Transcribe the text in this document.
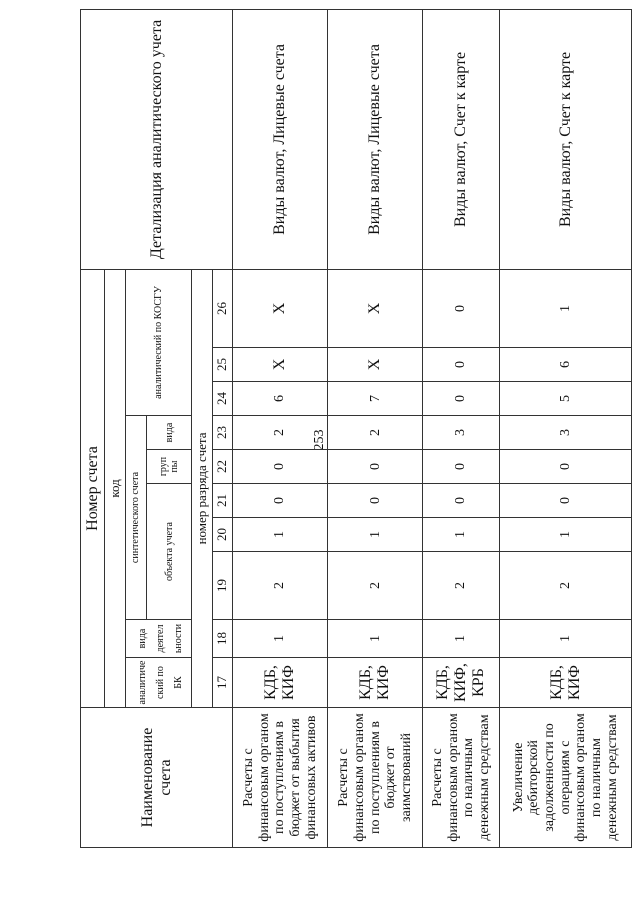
253
Наименование счета	Номер счета										Детализация аналитического учета
	код										
	аналитиче ский по БК	вида деятел ьности	синтетического счета					аналитический по КОСГУ			
			объекта учета			груп пы	вида				
	номер разряда счета										
	17	18	19	20	21	22	23	24	25	26	
Расчеты с финансовым органом по поступлениям в бюджет от выбытия финансовых активов	КДБ, КИФ	1	2	1	0	0	2	6	Х	Х	Виды валют, Лицевые счета
Расчеты с финансовым органом по поступлениям в бюджет от заимствований	КДБ, КИФ	1	2	1	0	0	2	7	Х	Х	Виды валют, Лицевые счета
Расчеты с финансовым органом по наличным денежным средствам	КДБ, КИФ, КРБ	1	2	1	0	0	3	0	0	0	Виды валют, Счет к карте
Увеличение дебиторской задолженности по операциям с финансовым органом по наличным денежным средствам	КДБ, КИФ	1	2	1	0	0	3	5	6	1	Виды валют, Счет к карте
